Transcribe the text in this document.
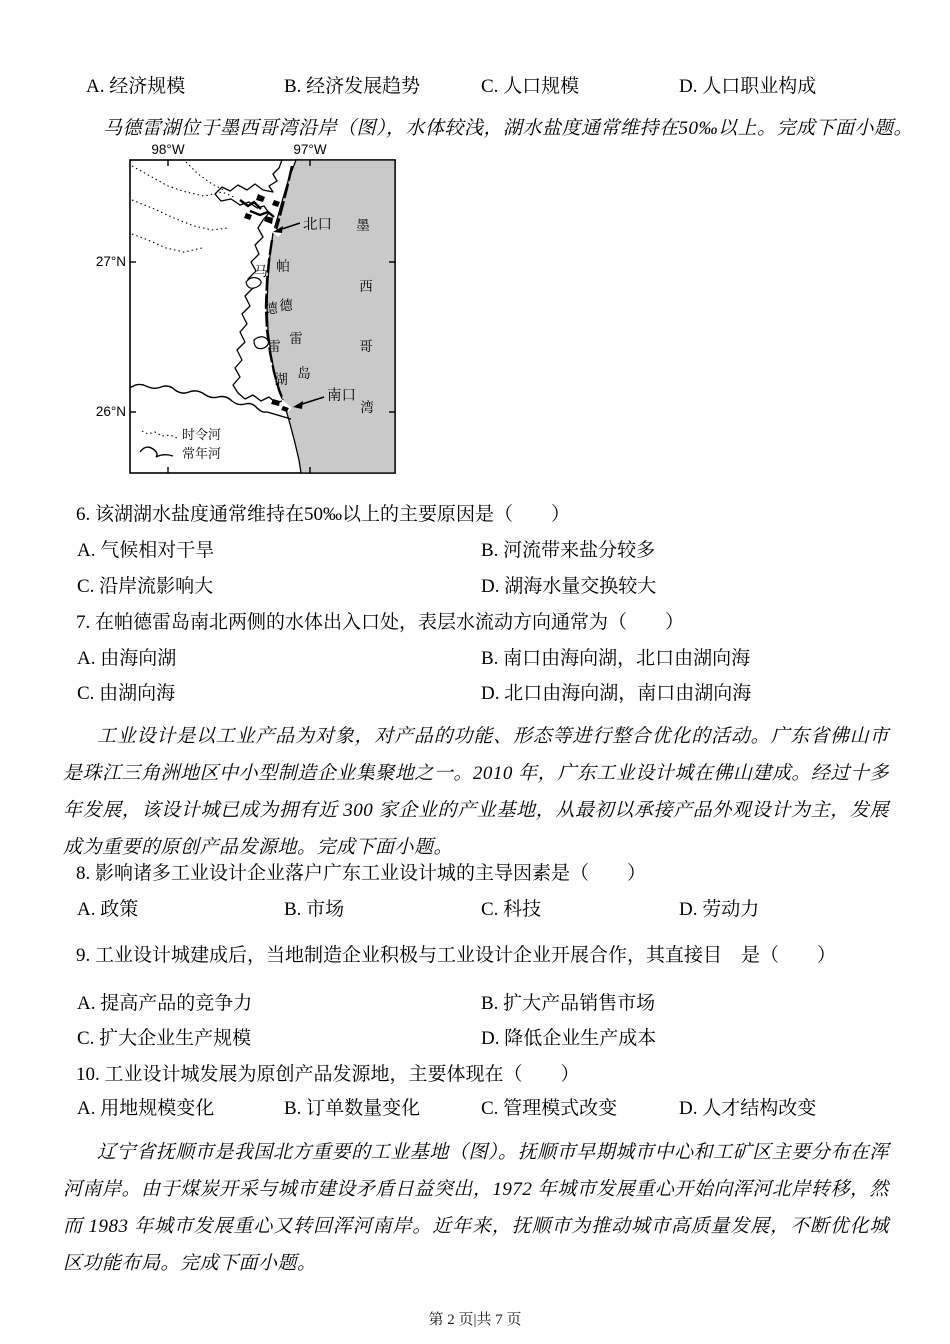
A. 经济规模	B. 经济发展趋势	C. 人口规模	D. 人口职业构成
马德雷湖位于墨西哥湾沿岸（图），水体较浅，湖水盐度通常维持在50‰以上。完成下面小题。
98°W	97°W
27°N
26°N
北口
南口
帕
德
雷
岛
马
德
雷
湖
墨
西
哥
湾
时令河
常年河
6. 该湖湖水盐度通常维持在50‰以上的主要原因是（　　）
A. 气候相对干旱	B. 河流带来盐分较多
C. 沿岸流影响大	D. 湖海水量交换较大
7. 在帕德雷岛南北两侧的水体出入口处，表层水流动方向通常为（　　）
A. 由海向湖	B. 南口由海向湖，北口由湖向海
C. 由湖向海	D. 北口由海向湖，南口由湖向海
工业设计是以工业产品为对象，对产品的功能、形态等进行整合优化的活动。广东省佛山市是珠江三角洲地区中小型制造企业集聚地之一。2010 年，广东工业设计城在佛山建成。经过十多年发展，该设计城已成为拥有近 300 家企业的产业基地，从最初以承接产品外观设计为主，发展成为重要的原创产品发源地。完成下面小题。
8. 影响诸多工业设计企业落户广东工业设计城的主导因素是（　　）
A. 政策	B. 市场	C. 科技	D. 劳动力
9. 工业设计城建成后，当地制造企业积极与工业设计企业开展合作，其直接目　是（　　）
A. 提高产品的竞争力	B. 扩大产品销售市场
C. 扩大企业生产规模	D. 降低企业生产成本
10. 工业设计城发展为原创产品发源地，主要体现在（　　）
A. 用地规模变化	B. 订单数量变化	C. 管理模式改变	D. 人才结构改变
辽宁省抚顺市是我国北方重要的工业基地（图）。抚顺市早期城市中心和工矿区主要分布在浑河南岸。由于煤炭开采与城市建设矛盾日益突出，1972 年城市发展重心开始向浑河北岸转移，然而 1983 年城市发展重心又转回浑河南岸。近年来，抚顺市为推动城市高质量发展，不断优化城区功能布局。完成下面小题。
第 2 页|共 7 页
